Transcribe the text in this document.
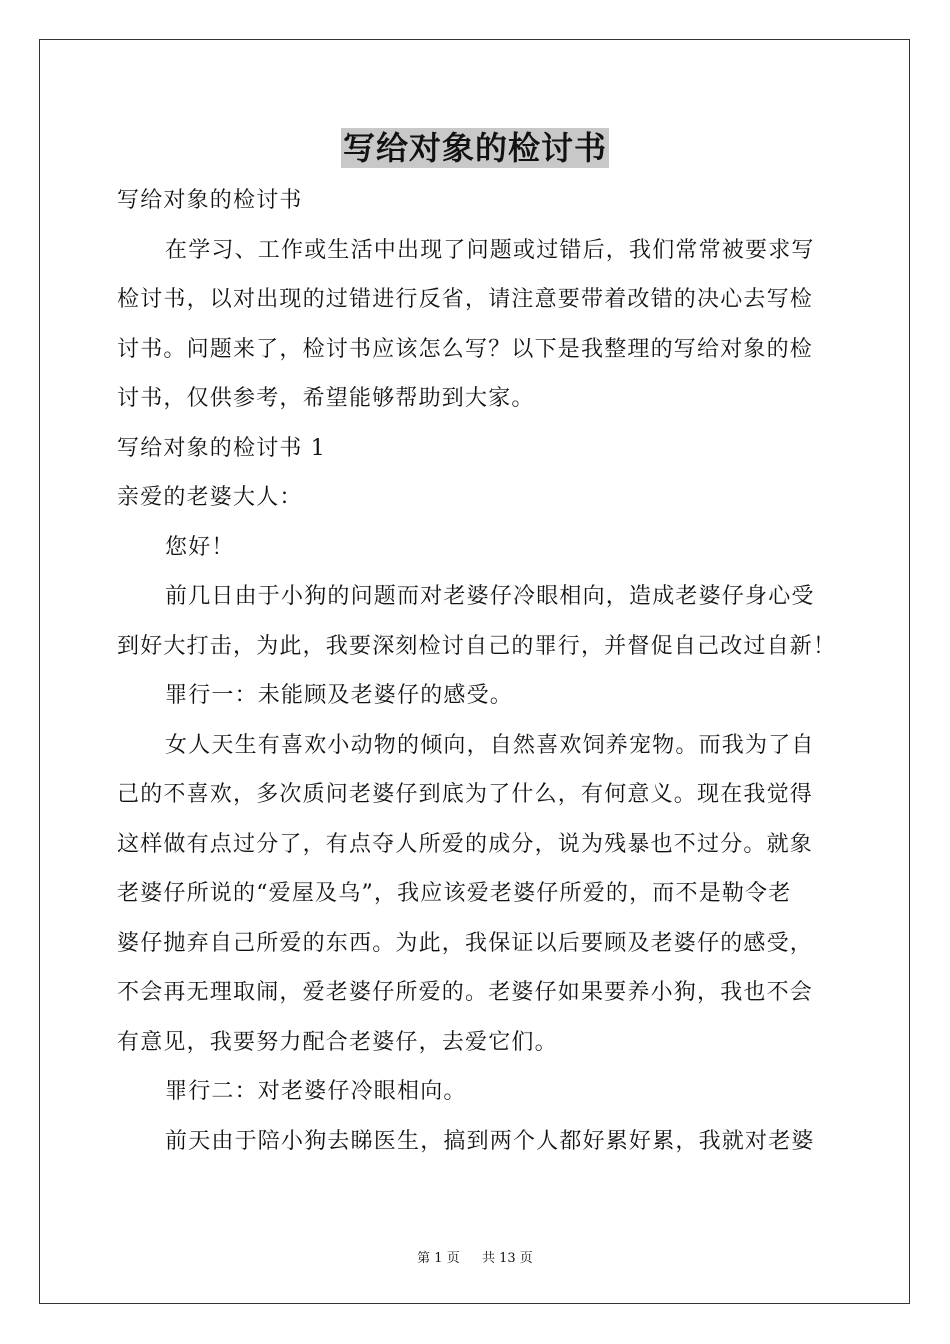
写给对象的检讨书

写给对象的检讨书

在学习、工作或生活中出现了问题或过错后，我们常常被要求写

检讨书，以对出现的过错进行反省，请注意要带着改错的决心去写检

讨书。问题来了，检讨书应该怎么写？以下是我整理的写给对象的检

讨书，仅供参考，希望能够帮助到大家。

写给对象的检讨书 1

亲爱的老婆大人：

您好！

前几日由于小狗的问题而对老婆仔冷眼相向，造成老婆仔身心受

到好大打击，为此，我要深刻检讨自己的罪行，并督促自己改过自新！

罪行一：未能顾及老婆仔的感受。

女人天生有喜欢小动物的倾向，自然喜欢饲养宠物。而我为了自

己的不喜欢，多次质问老婆仔到底为了什么，有何意义。现在我觉得

这样做有点过分了，有点夺人所爱的成分，说为残暴也不过分。就象

老婆仔所说的“爱屋及乌”，我应该爱老婆仔所爱的，而不是勒令老

婆仔抛弃自己所爱的东西。为此，我保证以后要顾及老婆仔的感受，

不会再无理取闹，爱老婆仔所爱的。老婆仔如果要养小狗，我也不会

有意见，我要努力配合老婆仔，去爱它们。

罪行二：对老婆仔冷眼相向。

前天由于陪小狗去睇医生，搞到两个人都好累好累，我就对老婆

第 1 页 共 13 页
